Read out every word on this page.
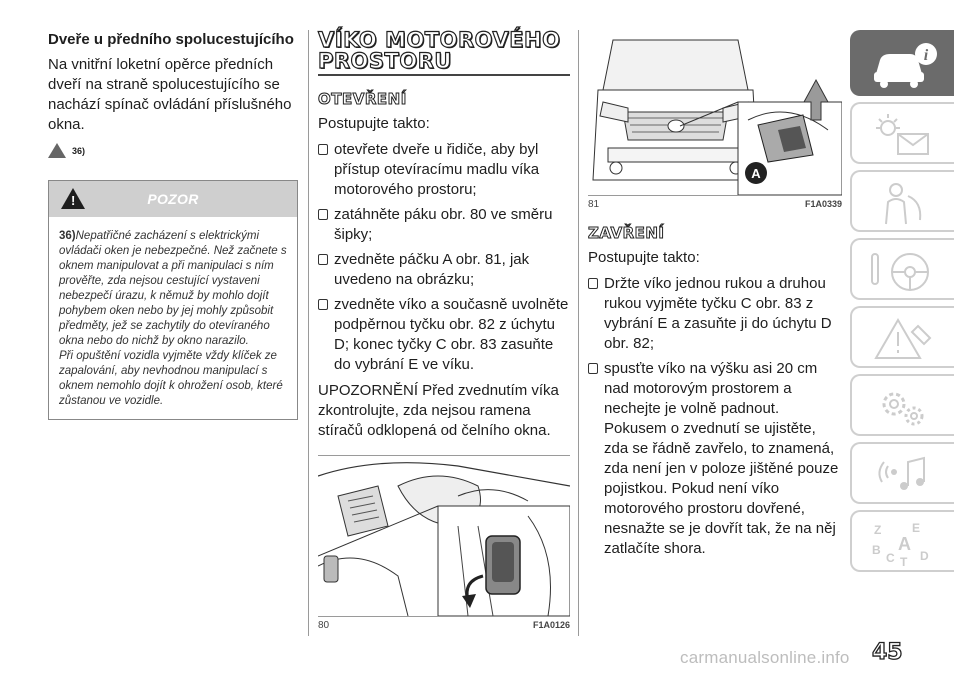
Dveře u předního spolucestujícího

Na vnitřní loketní opěrce předních dveří na straně spolucestujícího se nachází spínač ovládání příslušného okna.

36)
!
POZOR

36)Nepatřičné zacházení s elektrickými ovládači oken je nebezpečné. Než začnete s oknem manipulovat a při manipulaci s ním prověřte, zda nejsou cestující vystaveni nebezpečí úrazu, k němuž by mohlo dojít pohybem oken nebo by jej mohly způsobit předměty, jež se zachytily do otevíraného okna nebo do nichž by okno narazilo.

Při opuštění vozidla vyjměte vždy klíček ze zapalování, aby nevhodnou manipulací s oknem nemohlo dojít k ohrožení osob, které zůstanou ve vozidle.

VÍKO MOTOROVÉHO
PROSTORU
OTEVŘENÍ

Postupujte takto:

otevřete dveře u řidiče, aby byl přístup otevíracímu madlu víka motorového prostoru;
zatáhněte páku obr. 80 ve směru šipky;
zvedněte páčku A obr. 81, jak uvedeno na obrázku;
zvedněte víko a současně uvolněte podpěrnou tyčku obr. 82 z úchytu D; konec tyčky C obr. 83 zasuňte do vybrání E ve víku.

UPOZORNĚNÍ Před zvednutím víka zkontrolujte, zda nejsou ramena stíračů odklopená od čelního okna.

80	F1A0126
A
81	F1A0339
ZAVŘENÍ

Postupujte takto:

Držte víko jednou rukou a druhou rukou vyjměte tyčku C obr. 83 z vybrání E a zasuňte ji do úchytu D obr. 82;
spusťte víko na výšku asi 20 cm nad motorovým prostorem a nechejte je volně padnout. Pokusem o zvednutí se ujistěte, zda se řádně zavřelo, to znamená, zda není jen v poloze jištěné pouze pojistkou. Pokud není víko motorového prostoru dovřené, nesnažte se je dovřít tak, že na něj zatlačíte shora.
i
Z	E
B A
C T D
45
carmanualsonline.info
